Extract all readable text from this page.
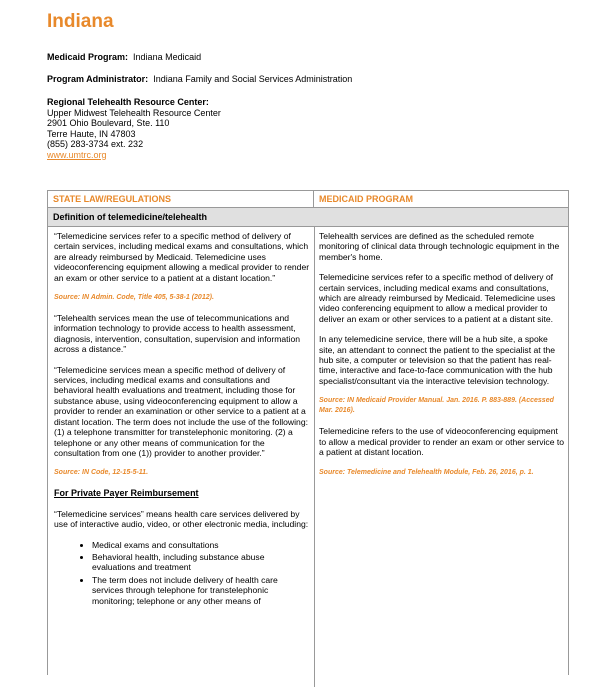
Indiana
Medicaid Program: Indiana Medicaid
Program Administrator: Indiana Family and Social Services Administration
Regional Telehealth Resource Center:
Upper Midwest Telehealth Resource Center
2901 Ohio Boulevard, Ste. 110
Terre Haute, IN 47803
(855) 283-3734 ext. 232
www.umtrc.org
STATE LAW/REGULATIONS	MEDICAID PROGRAM
Definition of telemedicine/telehealth

“Telemedicine services refer to a specific method of delivery of certain services, including medical exams and consultations, which are already reimbursed by Medicaid. Telemedicine uses videoconferencing equipment allowing a medical provider to render an exam or other service to a patient at a distant location.”

Source: IN Admin. Code, Title 405, 5-38-1 (2012).

“Telehealth services mean the use of telecommunications and information technology to provide access to health assessment, diagnosis, intervention, consultation, supervision and information across a distance.”

“Telemedicine services mean a specific method of delivery of services, including medical exams and consultations and behavioral health evaluations and treatment, including those for substance abuse, using videoconferencing equipment to allow a provider to render an examination or other service to a patient at a distant location. The term does not include the use of the following: (1) a telephone transmitter for transtelephonic monitoring. (2) a telephone or any other means of communication for the consultation from one (1)) provider to another provider.”

Source: IN Code, 12-15-5-11.

For Private Payer Reimbursement

“Telemedicine services” means health care services delivered by use of interactive audio, video, or other electronic media, including:

• Medical exams and consultations
• Behavioral health, including substance abuse evaluations and treatment
• The term does not include delivery of health care services through telephone for transtelephonic monitoring; telephone or any other means of

Telehealth services are defined as the scheduled remote monitoring of clinical data through technologic equipment in the member's home.

Telemedicine services refer to a specific method of delivery of certain services, including medical exams and consultations, which are already reimbursed by Medicaid. Telemedicine uses video conferencing equipment to allow a medical provider to deliver an exam or other services to a patient at a distant site.

In any telemedicine service, there will be a hub site, a spoke site, an attendant to connect the patient to the specialist at the hub site, a computer or television so that the patient has real-time, interactive and face-to-face communication with the hub specialist/consultant via the interactive television technology.

Source: IN Medicaid Provider Manual. Jan. 2016. P. 883-889. (Accessed Mar. 2016).

Telemedicine refers to the use of videoconferencing equipment to allow a medical provider to render an exam or other service to a patient at distant location.

Source: Telemedicine and Telehealth Module, Feb. 26, 2016, p. 1.
